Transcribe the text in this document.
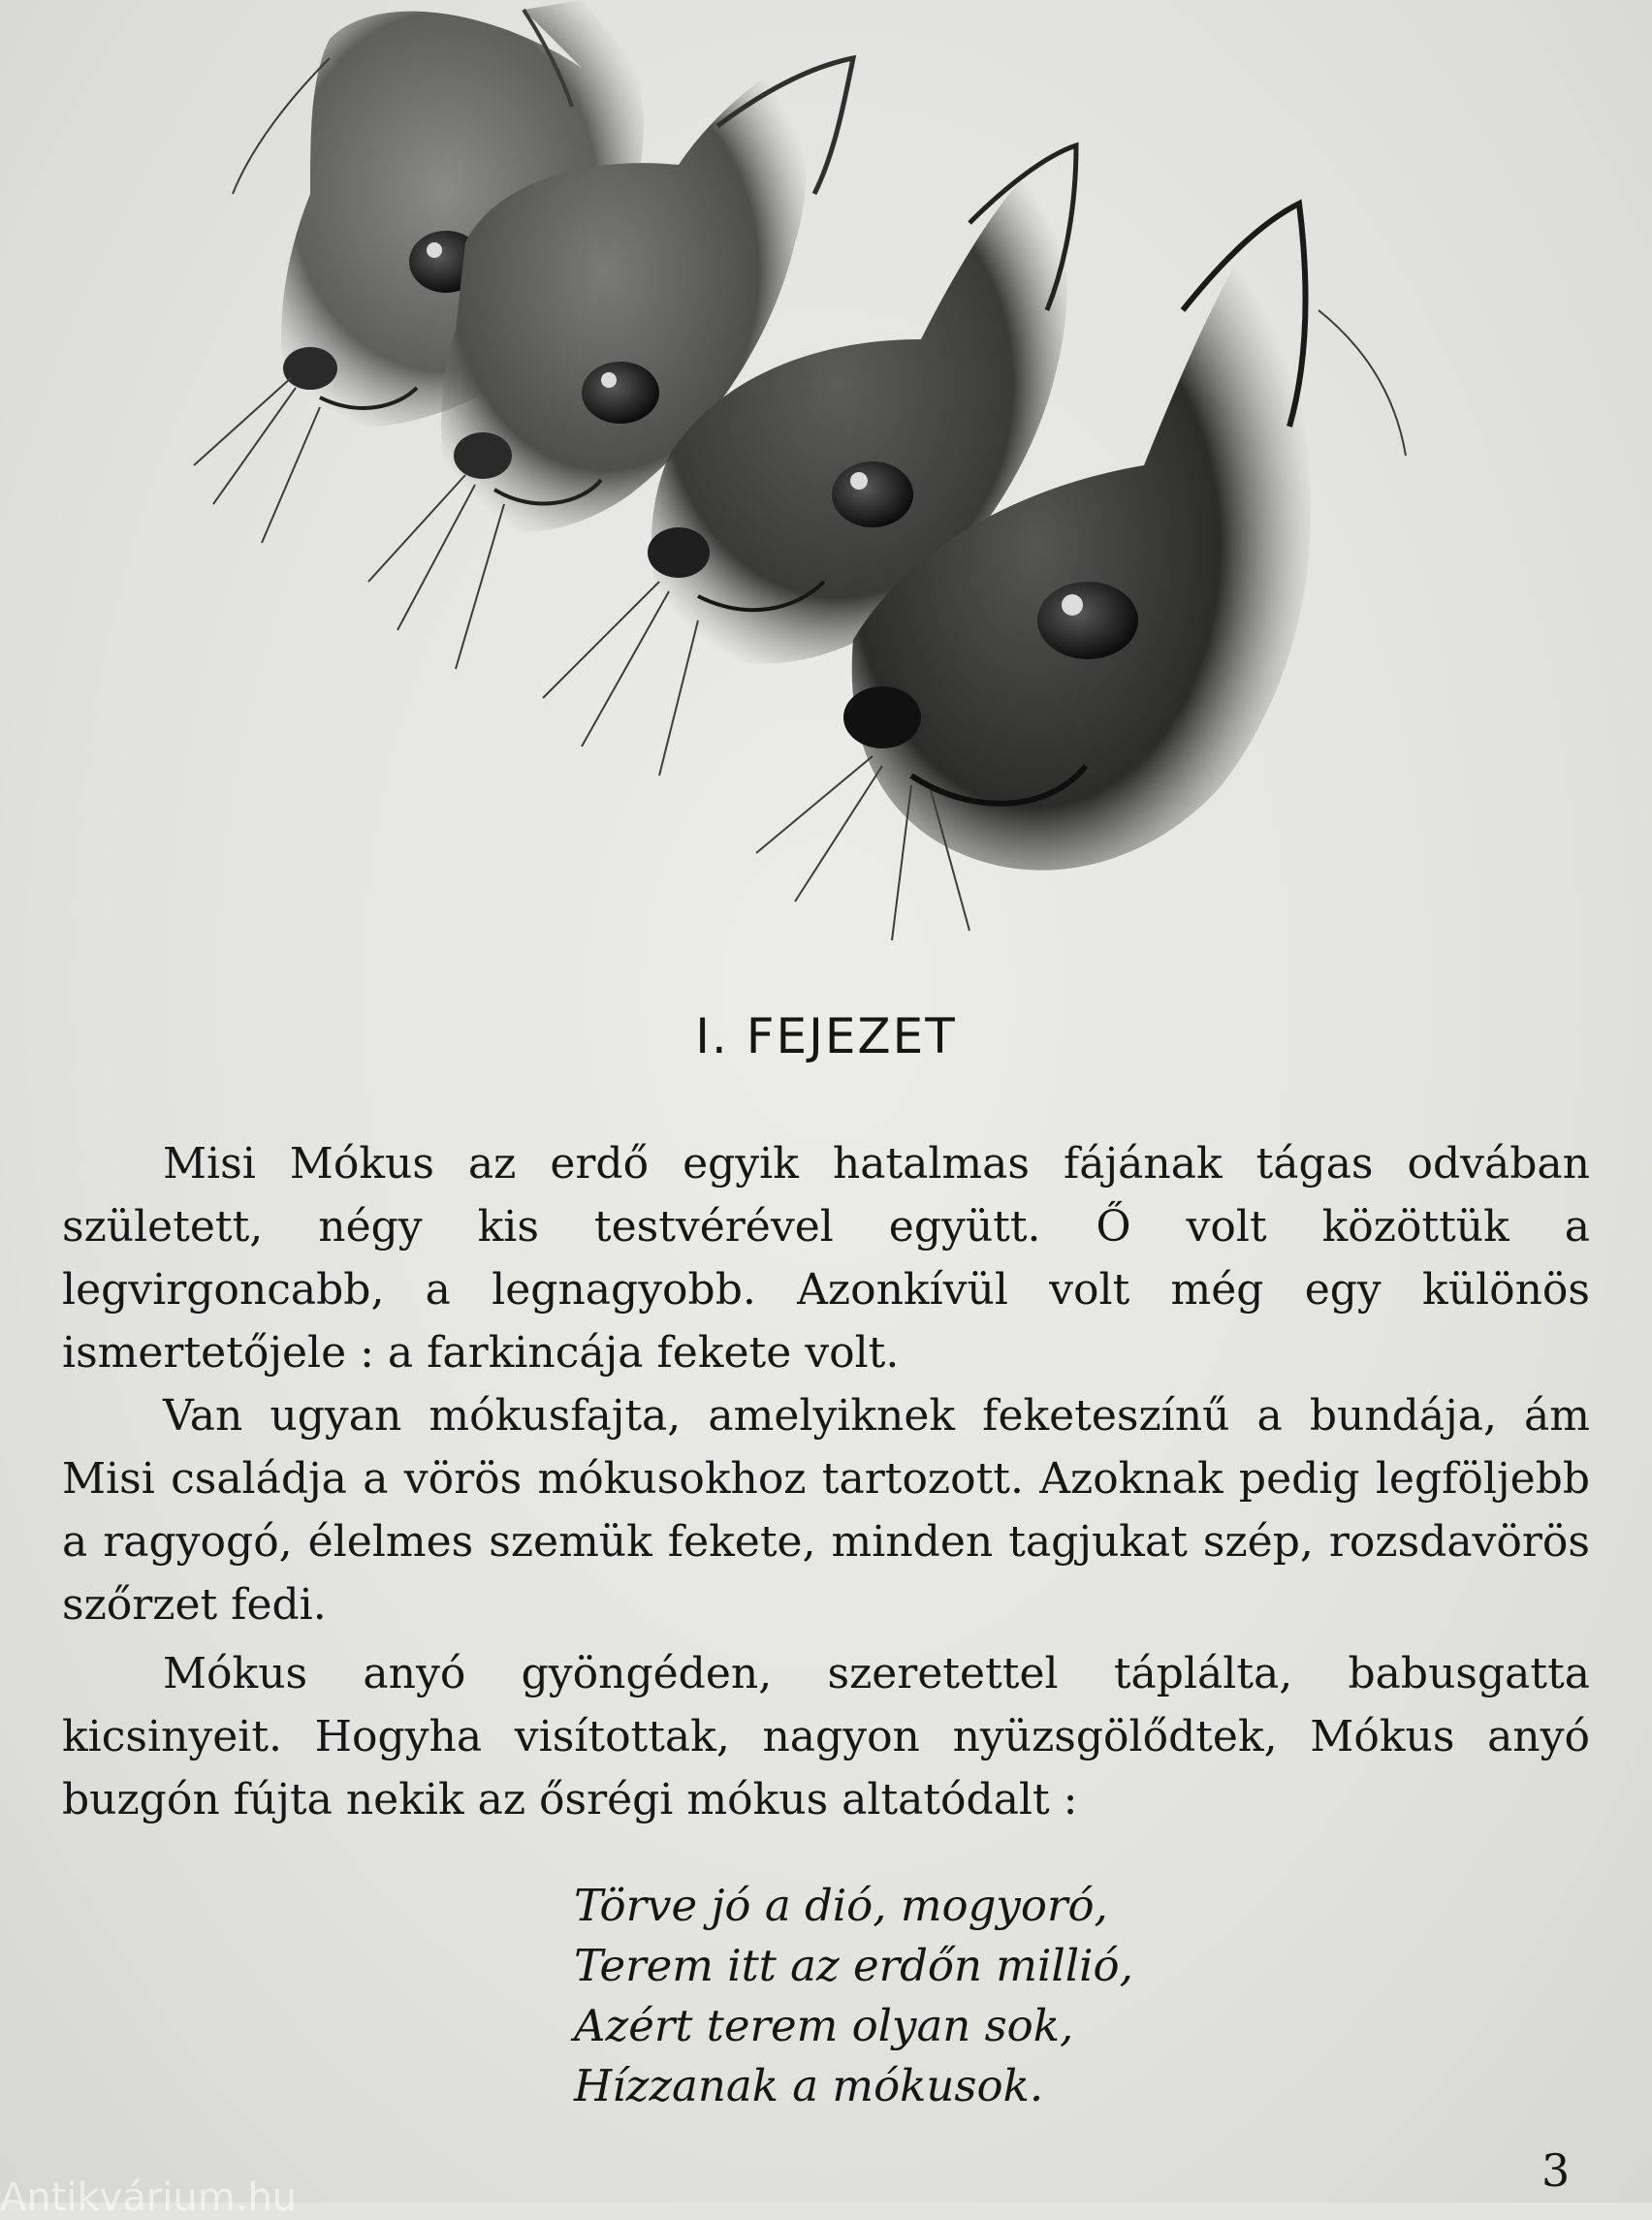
I. FEJEZET

Misi Mókus az erdő egyik hatalmas fájának tágas odvában született, négy kis testvérével együtt. Ő volt közöttük a legvirgoncabb, a legnagyobb. Azonkívül volt még egy különös ismertetőjele : a farkincája fekete volt.

Van ugyan mókusfajta, amelyiknek feketeszínű a bundája, ám Misi családja a vörös mókusokhoz tartozott. Azoknak pedig legföljebb a ragyogó, élelmes szemük fekete, minden tagjukat szép, rozsdavörös szőrzet fedi.

Mókus anyó gyöngéden, szeretettel táplálta, babusgatta kicsinyeit. Hogyha visítottak, nagyon nyüzsgölődtek, Mókus anyó buzgón fújta nekik az ősrégi mókus altatódalt :

Törve jó a dió, mogyoró,
Terem itt az erdőn millió,
Azért terem olyan sok,
Hízzanak a mókusok.
3
Antikvárium.hu
